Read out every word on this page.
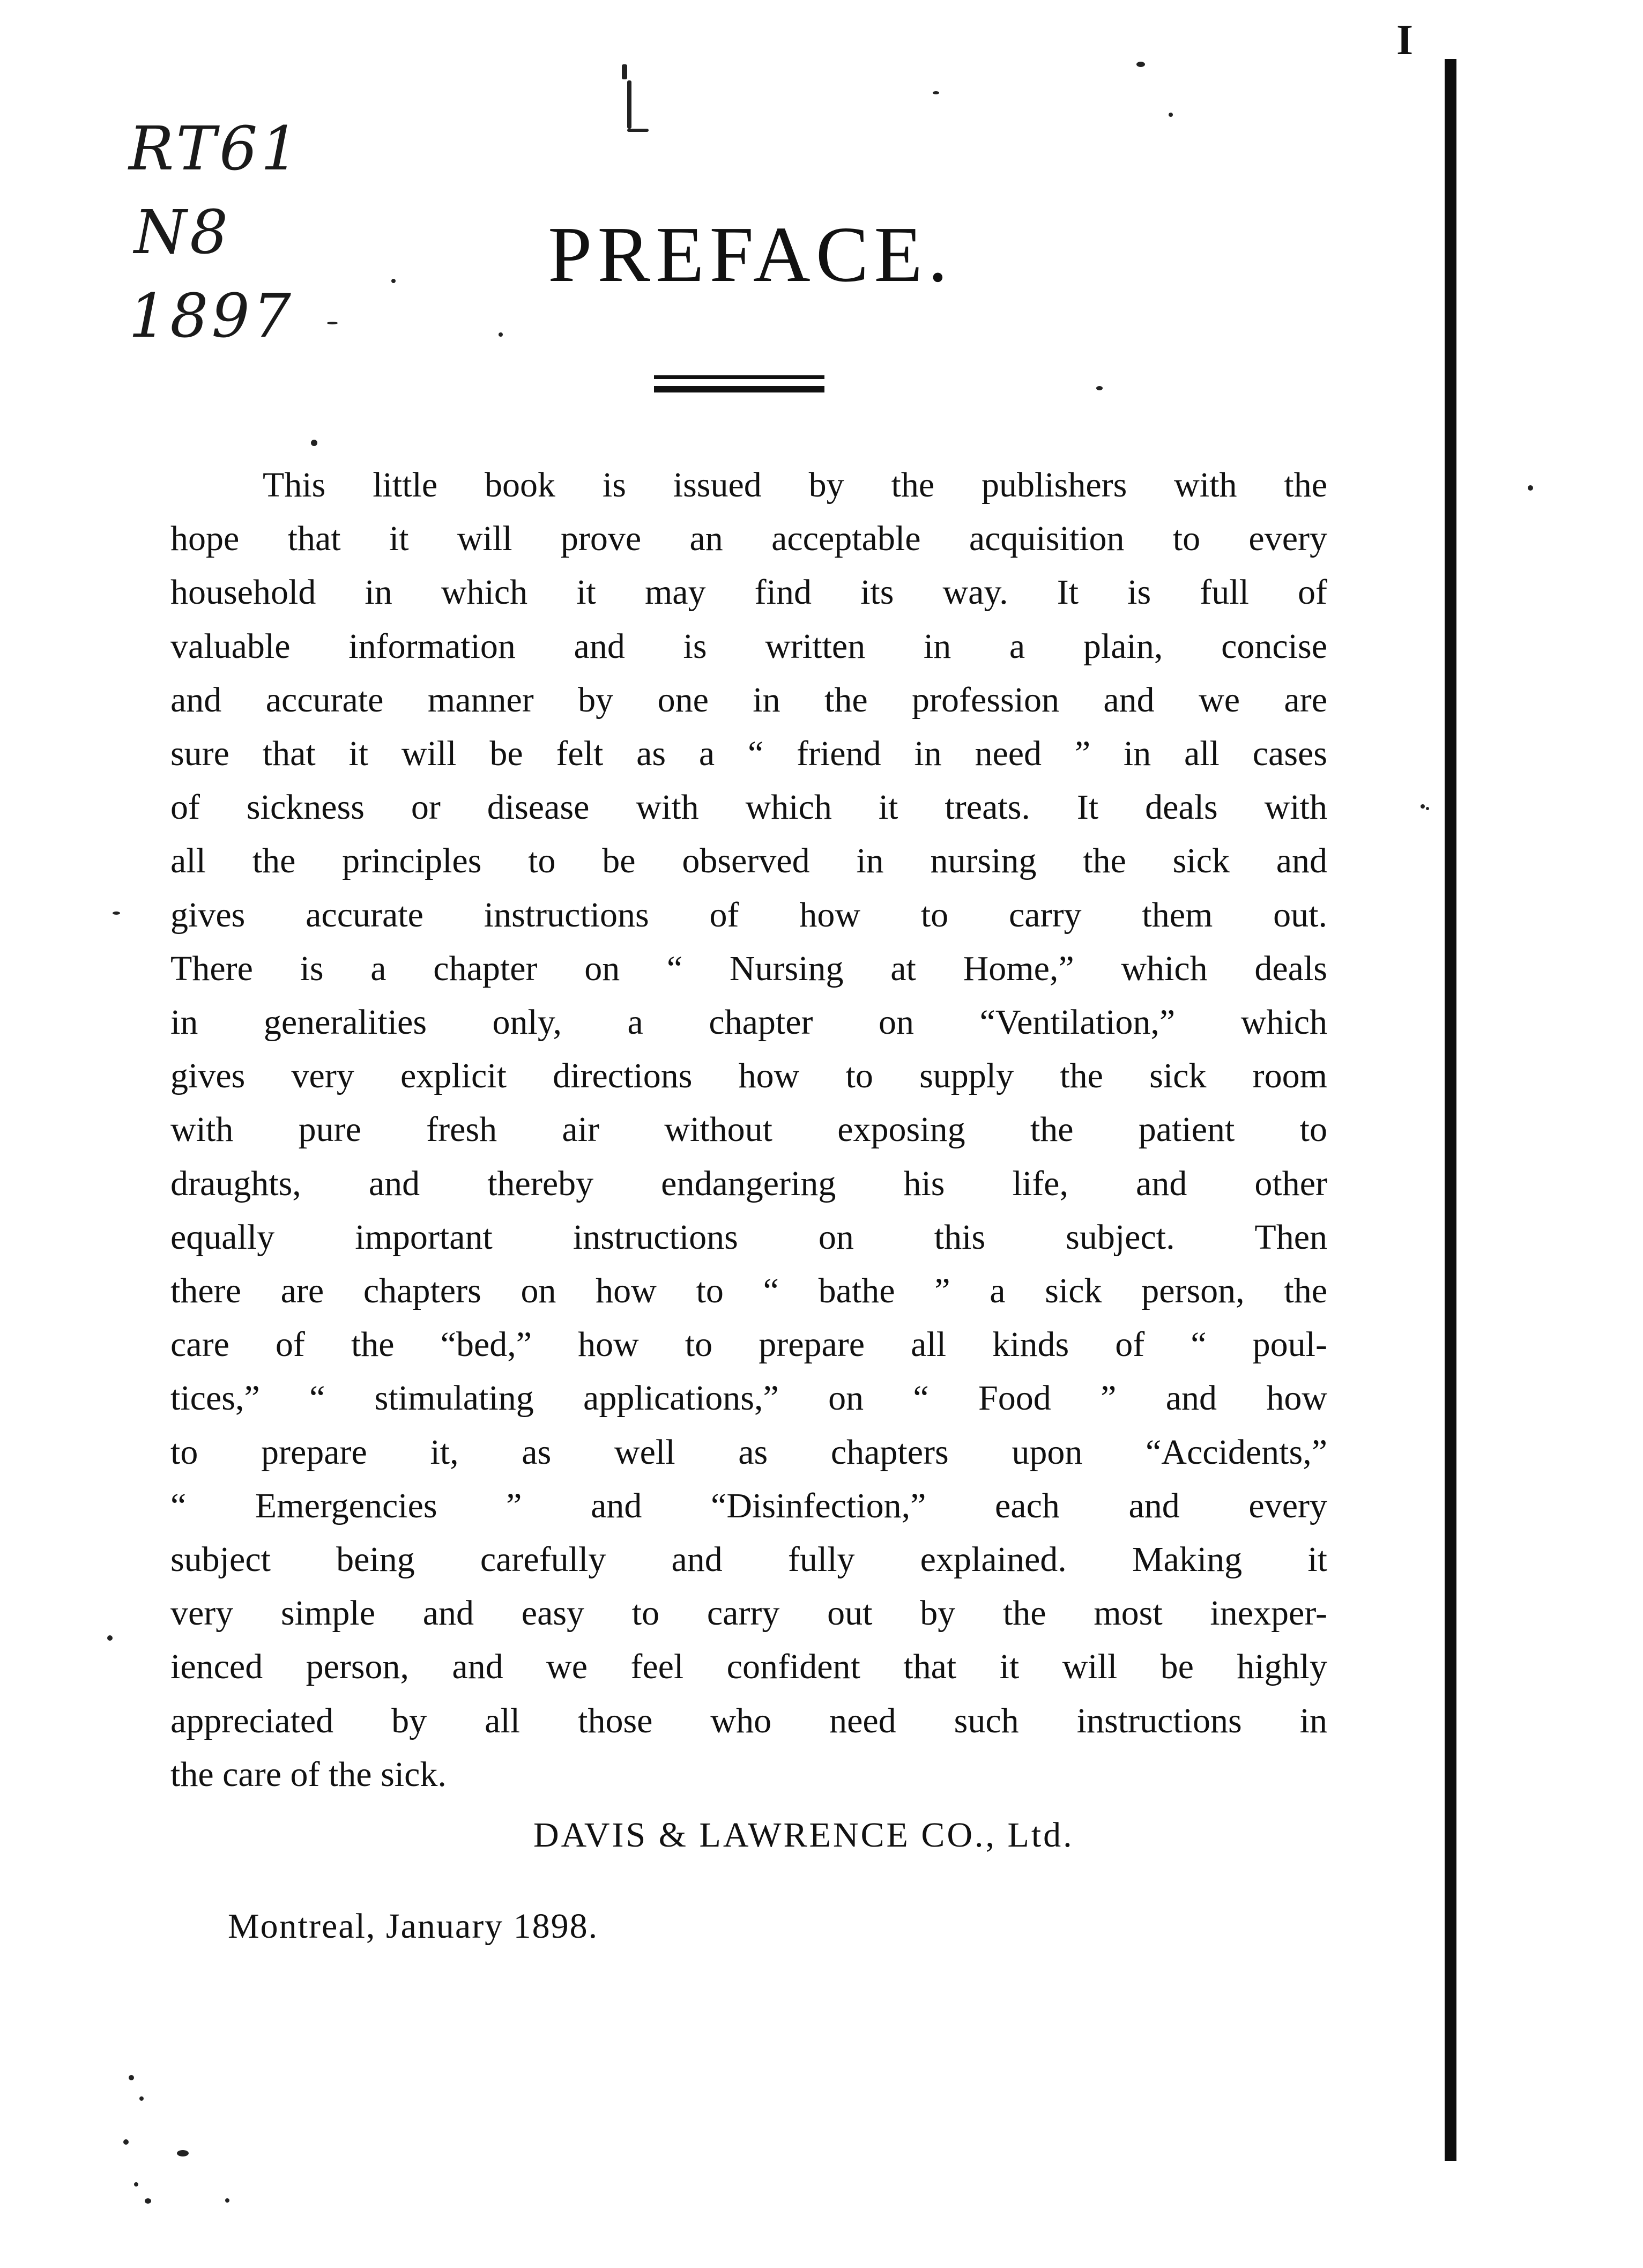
RT61
N8
1897
I
PREFACE.
This little book is issued by the publishers with the
hope that it will prove an acceptable acquisition to every
household in which it may find its way. It is full of
valuable information and is written in a plain, concise
and accurate manner by one in the profession and we are
sure that it will be felt as a “ friend in need ” in all cases
of sickness or disease with which it treats. It deals with
all the principles to be observed in nursing the sick and
gives accurate instructions of how to carry them out.
There is a chapter on “ Nursing at Home,” which deals
in generalities only, a chapter on “Ventilation,” which
gives very explicit directions how to supply the sick room
with pure fresh air without exposing the patient to
draughts, and thereby endangering his life, and other
equally important instructions on this subject. Then
there are chapters on how to “ bathe ” a sick person, the
care of the “bed,” how to prepare all kinds of “ poul-
tices,” “ stimulating applications,” on “ Food ” and how
to prepare it, as well as chapters upon “Accidents,”
“ Emergencies ” and “Disinfection,” each and every
subject being carefully and fully explained. Making it
very simple and easy to carry out by the most inexper-
ienced person, and we feel confident that it will be highly
appreciated by all those who need such instructions in
the care of the sick.
DAVIS & LAWRENCE CO., Ltd.
Montreal, January 1898.
